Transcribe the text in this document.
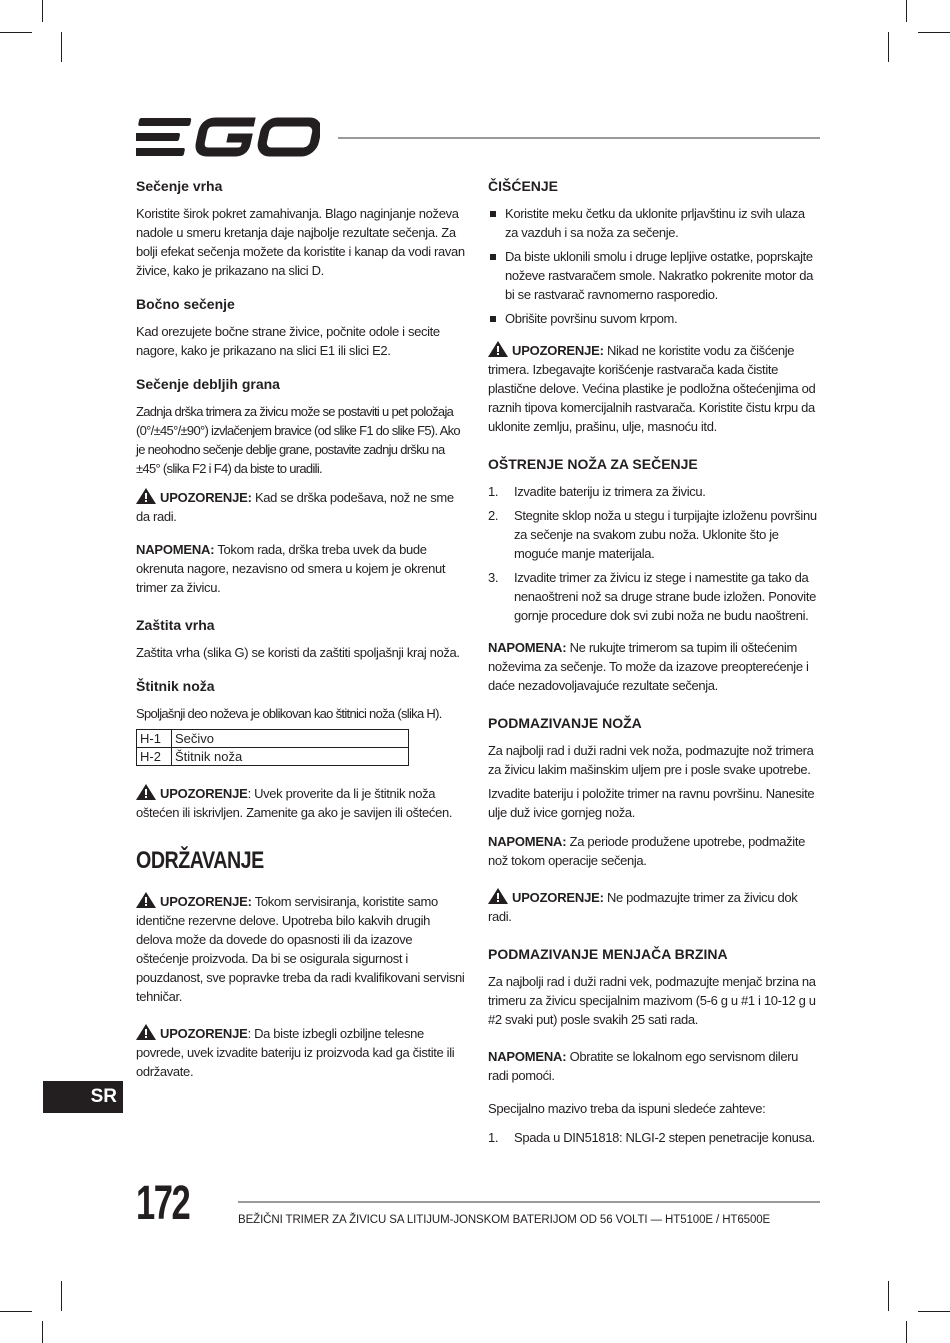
Sečenje vrha

Koristite širok pokret zamahivanja. Blago naginjanje noževa nadole u smeru kretanja daje najbolje rezultate sečenja. Za bolji efekat sečenja možete da koristite i kanap da vodi ravan živice, kako je prikazano na slici D.

Bočno sečenje

Kad orezujete bočne strane živice, počnite odole i secite nagore, kako je prikazano na slici E1 ili slici E2.

Sečenje debljih grana

Zadnja drška trimera za živicu može se postaviti u pet položaja (0°/±45°/±90°) izvlačenjem bravice (od slike F1 do slike F5). Ako je neohodno sečenje deblje grane, postavite zadnju dršku na ±45° (slika F2 i F4) da biste to uradili.

UPOZORENJE: Kad se drška podešava, nož ne sme da radi.

NAPOMENA: Tokom rada, drška treba uvek da bude okrenuta nagore, nezavisno od smera u kojem je okrenut trimer za živicu.

Zaštita vrha

Zaštita vrha (slika G) se koristi da zaštiti spoljašnji kraj noža.

Štitnik noža

Spoljašnji deo noževa je oblikovan kao štitnici noža (slika H).

H-1	Sečivo
H-2	Štitnik noža

UPOZORENJE: Uvek proverite da li je štitnik noža oštećen ili iskrivljen. Zamenite ga ako je savijen ili oštećen.

ODRŽAVANJE

UPOZORENJE: Tokom servisiranja, koristite samo identične rezervne delove. Upotreba bilo kakvih drugih delova može da dovede do opasnosti ili da izazove oštećenje proizvoda. Da bi se osigurala sigurnost i pouzdanost, sve popravke treba da radi kvalifikovani servisni tehničar.

UPOZORENJE: Da biste izbegli ozbiljne telesne povrede, uvek izvadite bateriju iz proizvoda kad ga čistite ili održavate.

ČIŠĆENJE
Koristite meku četku da uklonite prljavštinu iz svih ulaza za vazduh i sa noža za sečenje.
Da biste uklonili smolu i druge lepljive ostatke, poprskajte noževe rastvaračem smole. Nakratko pokrenite motor da bi se rastvarač ravnomerno rasporedio.
Obrišite površinu suvom krpom.

UPOZORENJE: Nikad ne koristite vodu za čišćenje trimera. Izbegavajte korišćenje rastvarača kada čistite plastične delove. Većina plastike je podložna oštećenjima od raznih tipova komercijalnih rastvarača. Koristite čistu krpu da uklonite zemlju, prašinu, ulje, masnoću itd.

OŠTRENJE NOŽA ZA SEČENJE
1. Izvadite bateriju iz trimera za živicu.
2. Stegnite sklop noža u stegu i turpijajte izloženu površinu za sečenje na svakom zubu noža. Uklonite što je moguće manje materijala.
3. Izvadite trimer za živicu iz stege i namestite ga tako da nenaoštreni nož sa druge strane bude izložen. Ponovite gornje procedure dok svi zubi noža ne budu naoštreni.

NAPOMENA: Ne rukujte trimerom sa tupim ili oštećenim noževima za sečenje. To može da izazove preopterećenje i daće nezadovoljavajuće rezultate sečenja.

PODMAZIVANJE NOŽA

Za najbolji rad i duži radni vek noža, podmazujte nož trimera za živicu lakim mašinskim uljem pre i posle svake upotrebe.

Izvadite bateriju i položite trimer na ravnu površinu. Nanesite ulje duž ivice gornjeg noža.

NAPOMENA: Za periode produžene upotrebe, podmažite nož tokom operacije sečenja.

UPOZORENJE: Ne podmazujte trimer za živicu dok radi.

PODMAZIVANJE MENJAČA BRZINA

Za najbolji rad i duži radni vek, podmazujte menjač brzina na trimeru za živicu specijalnim mazivom (5-6 g u #1 i 10-12 g u #2 svaki put) posle svakih 25 sati rada.

NAPOMENA: Obratite se lokalnom ego servisnom dileru radi pomoći.

Specijalno mazivo treba da ispuni sledeće zahteve:

1. Spada u DIN51818: NLGI-2 stepen penetracije konusa.
SR
172	BEŽIČNI TRIMER ZA ŽIVICU SA LITIJUM-JONSKOM BATERIJOM OD 56 VOLTI — HT5100E / HT6500E
